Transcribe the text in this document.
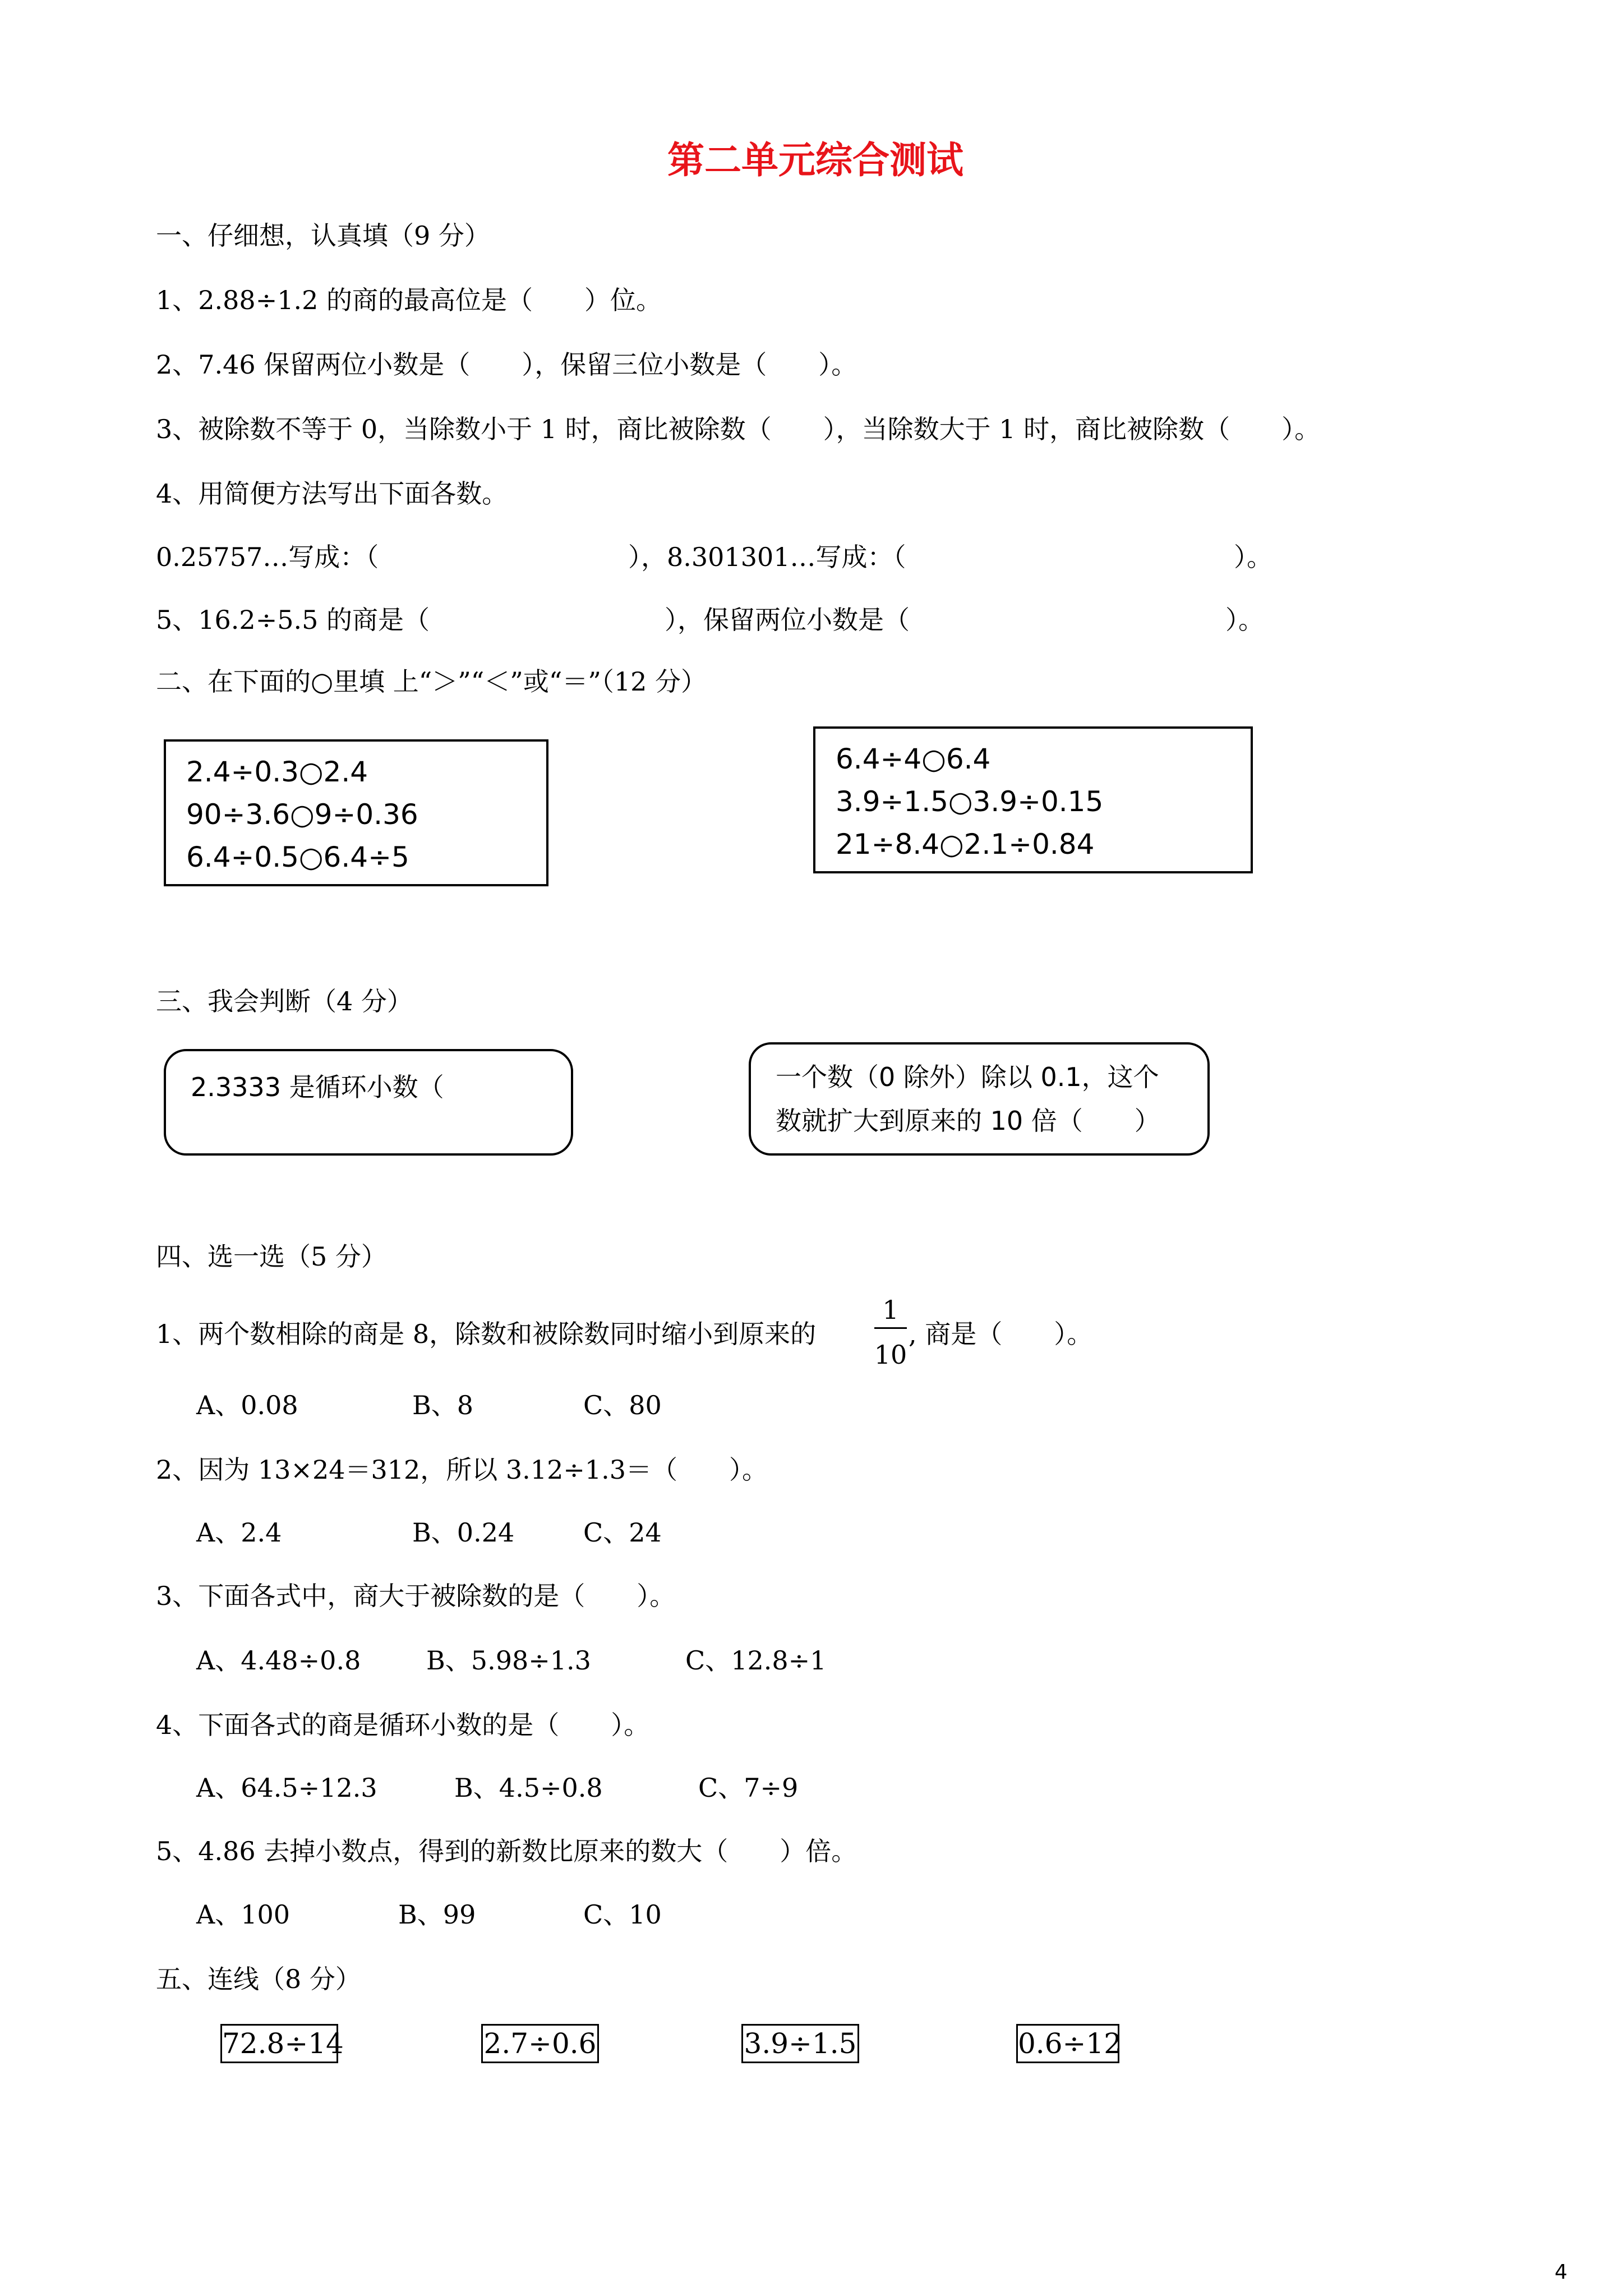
第二单元综合测试
一、仔细想，认真填（9 分）
1、2.88÷1.2 的商的最高位是（　　）位。
2、7.46 保留两位小数是（　　），保留三位小数是（　　）。
3、被除数不等于 0，当除数小于 1 时，商比被除数（　　），当除数大于 1 时，商比被除数（　　）。
4、用简便方法写出下面各数。
0.25757…写成：（	），8.301301…写成：（	）。
5、16.2÷5.5 的商是（	），保留两位小数是（	）。
二、在下面的○里填 上“＞”“＜”或“＝”（12 分）
2.4÷0.3○2.4
90÷3.6○9÷0.36
6.4÷0.5○6.4÷5
6.4÷4○6.4
3.9÷1.5○3.9÷0.15
21÷8.4○2.1÷0.84
三、我会判断（4 分）
2.3333 是循环小数（	一个数（0 除外）除以 0.1，这个
数就扩大到原来的 10 倍（　　）
四、选一选（5 分）
1、两个数相除的商是 8，除数和被除数同时缩小到原来的
1
10
, 商是（　　）。
A、0.08	B、8	C、80
2、因为 13×24＝312，所以 3.12÷1.3＝（　　）。
A、2.4	B、0.24	C、24
3、下面各式中，商大于被除数的是（　　）。
A、4.48÷0.8	B、5.98÷1.3	C、12.8÷1
4、下面各式的商是循环小数的是（　　）。
A、64.5÷12.3	B、4.5÷0.8	C、7÷9
5、4.86 去掉小数点，得到的新数比原来的数大（　　）倍。
A、100	B、99	C、10
五、连线（8 分）
72.8÷14	2.7÷0.6	3.9÷1.5	0.6÷12
4
